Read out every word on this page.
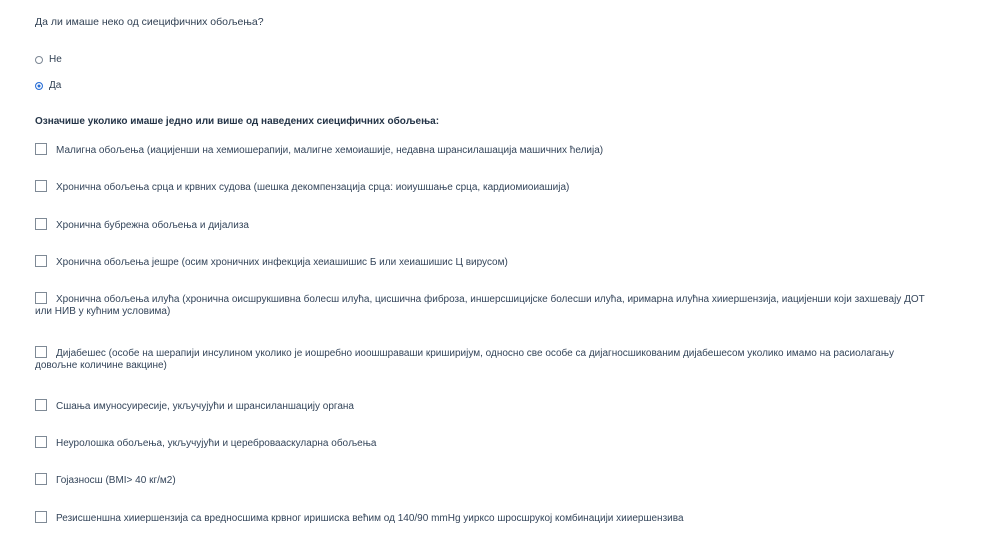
Да ли имаше неко од сиецифичних обољења?
Не
Да
Означише уколико имаше једно или више од наведених сиецифичних обољења:
Малигна обољења (иацијенши на хемиошерапији, малигне хемоиашије, недавна шрансилашација машичних ћелија)
Хронична обољења срца и крвних судова (шешка декомпензација срца: иоиушшање срца, кардиомиоиашија)
Хронична бубрежна обољења и дијализа
Хронична обољења јешре (осим хроничних инфекција хеиашишис Б или хеиашишис Ц вирусом)
Хронична обољења илућа (хронична оисшрукшивна болесш илућа, цисшична фиброза, иншерсшицијске болесши илућа, иримарна илућна хииершензија, иацијенши који захшевају ДОТ или НИВ у кућним условима)
Дијабешес (особе на шерапији инсулином уколико је иошребно иоошшраваши криширијум, односно све особе са дијагносшикованим дијабешесом уколико имамо на расиолагању довољне количине вакцине)
Сшања имуносуиресије, укључујући и шрансиланшацију органа
Неуролошка обољења, укључујући и церебровааскуларна обољења
Гојазносш (BMI> 40 кг/м2)
Резисшеншна хииершензија са вредносшима крвног иришиска већим од 140/90 mmHg уирксо шросшрукој комбинацији хииершензива
